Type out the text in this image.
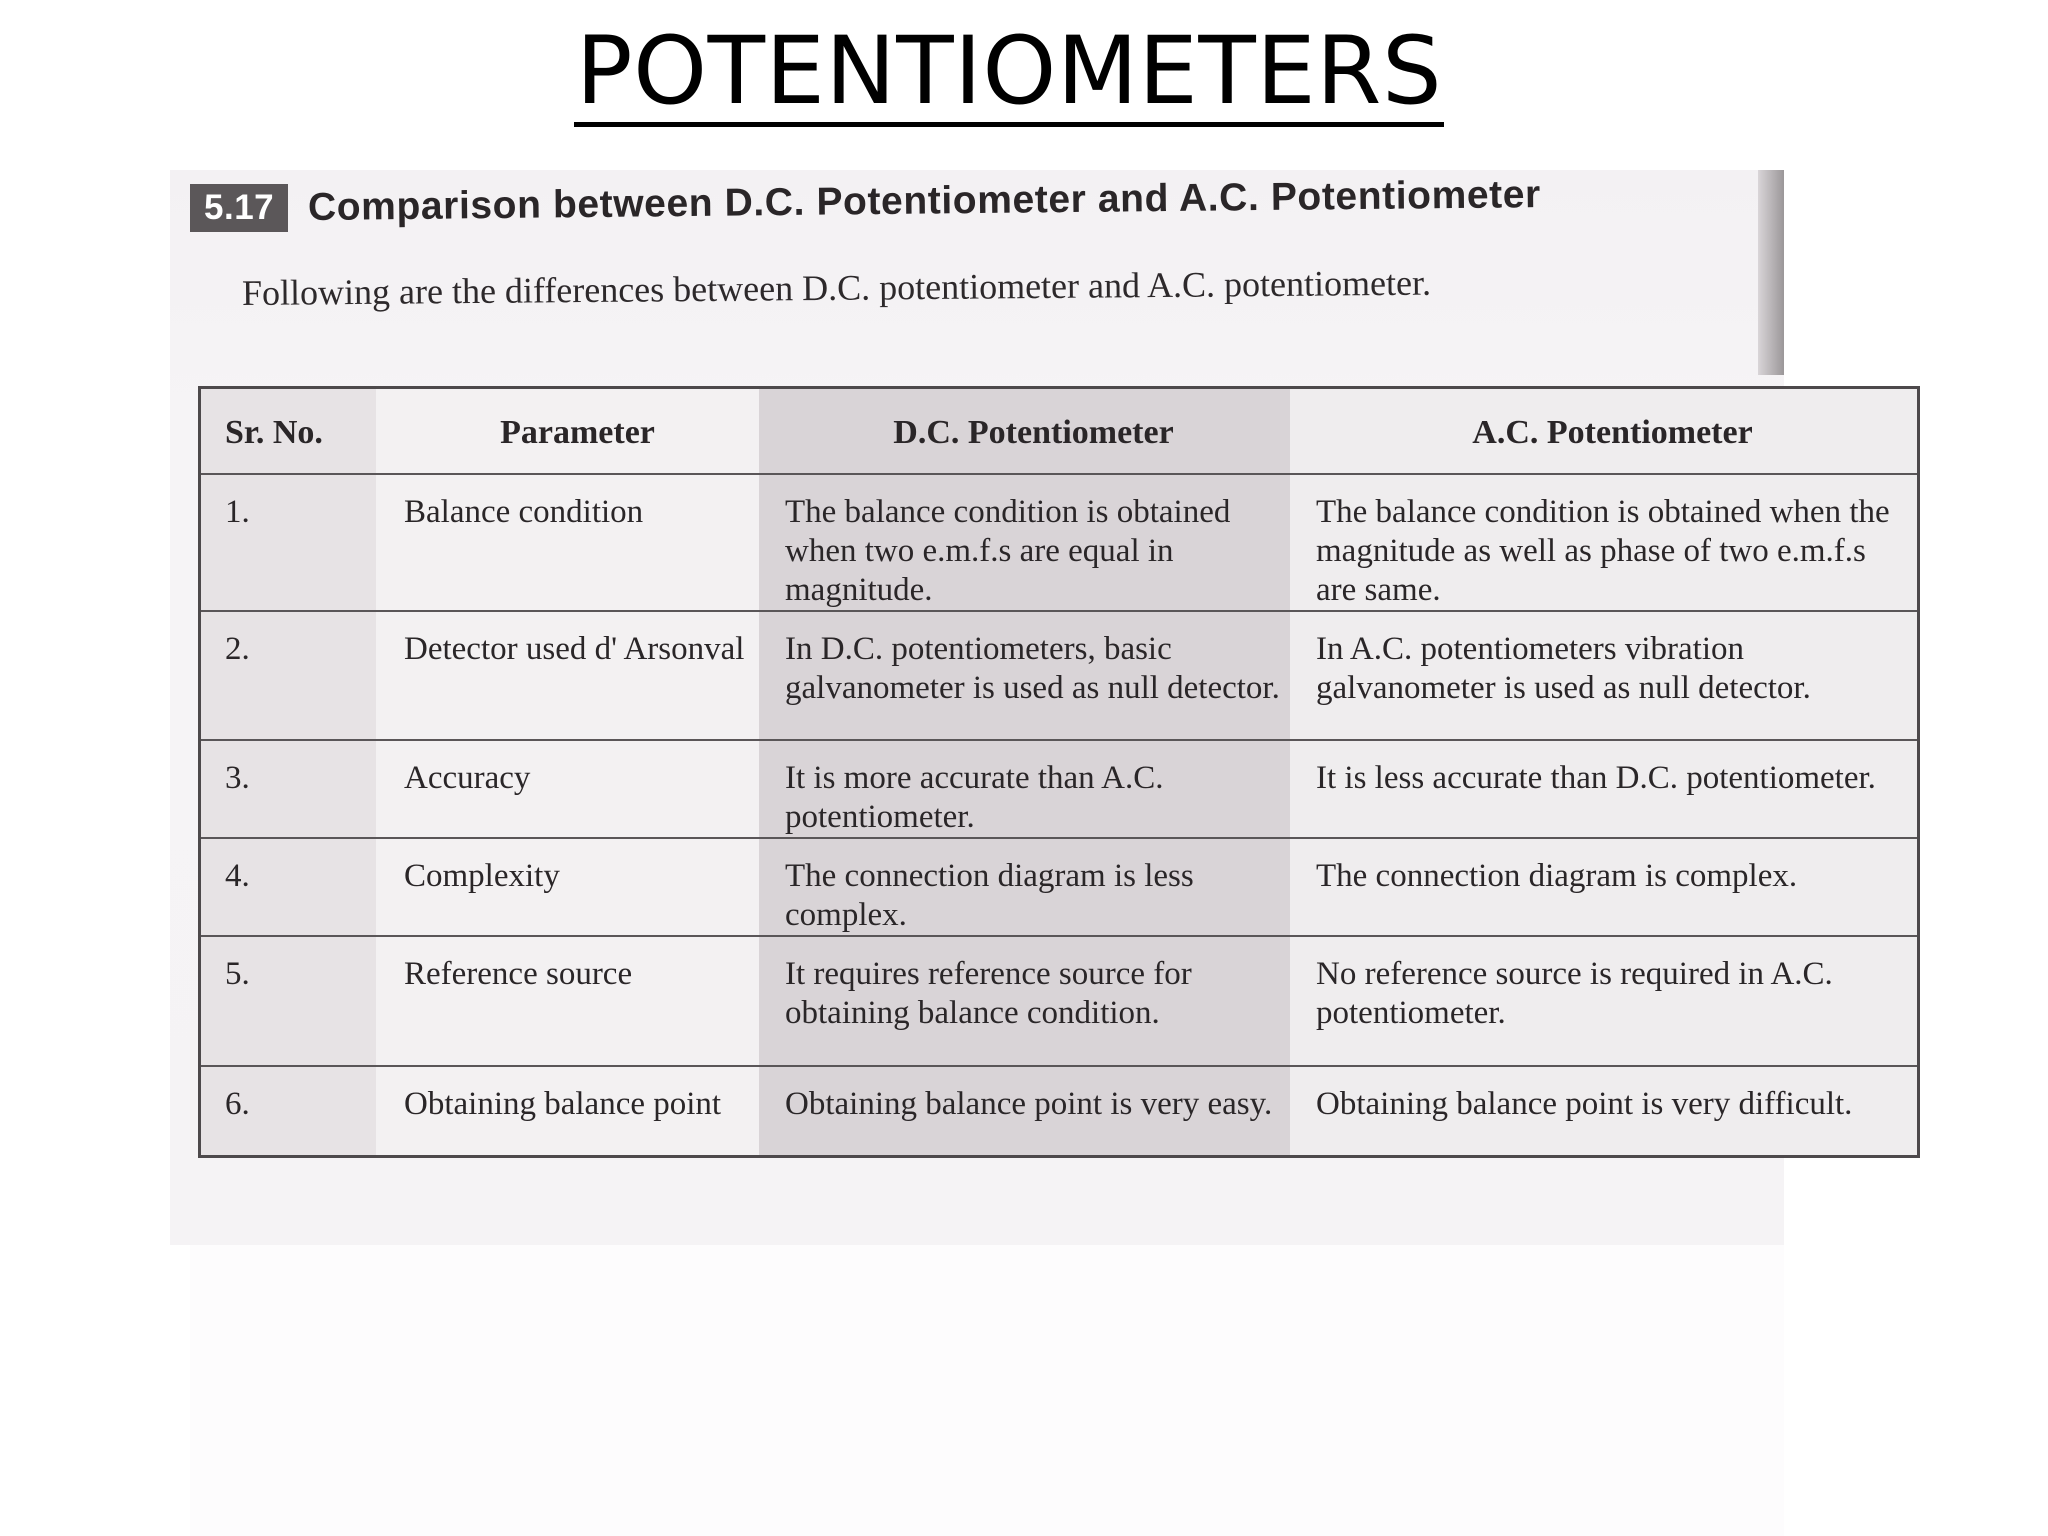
POTENTIOMETERS
5.17 Comparison between D.C. Potentiometer and A.C. Potentiometer
Following are the differences between D.C. potentiometer and A.C. potentiometer.
Sr. No.	Parameter	D.C. Potentiometer	A.C. Potentiometer
1.	Balance condition	The balance condition is obtained when two e.m.f.s are equal in magnitude.	The balance condition is obtained when the magnitude as well as phase of two e.m.f.s are same.
2.	Detector used d' Arsonval	In D.C. potentiometers, basic galvanometer is used as null detector.	In A.C. potentiometers vibration galvanometer is used as null detector.
3.	Accuracy	It is more accurate than A.C. potentiometer.	It is less accurate than D.C. potentiometer.
4.	Complexity	The connection diagram is less complex.	The connection diagram is complex.
5.	Reference source	It requires reference source for obtaining balance condition.	No reference source is required in A.C. potentiometer.
6.	Obtaining balance point	Obtaining balance point is very easy.	Obtaining balance point is very difficult.
